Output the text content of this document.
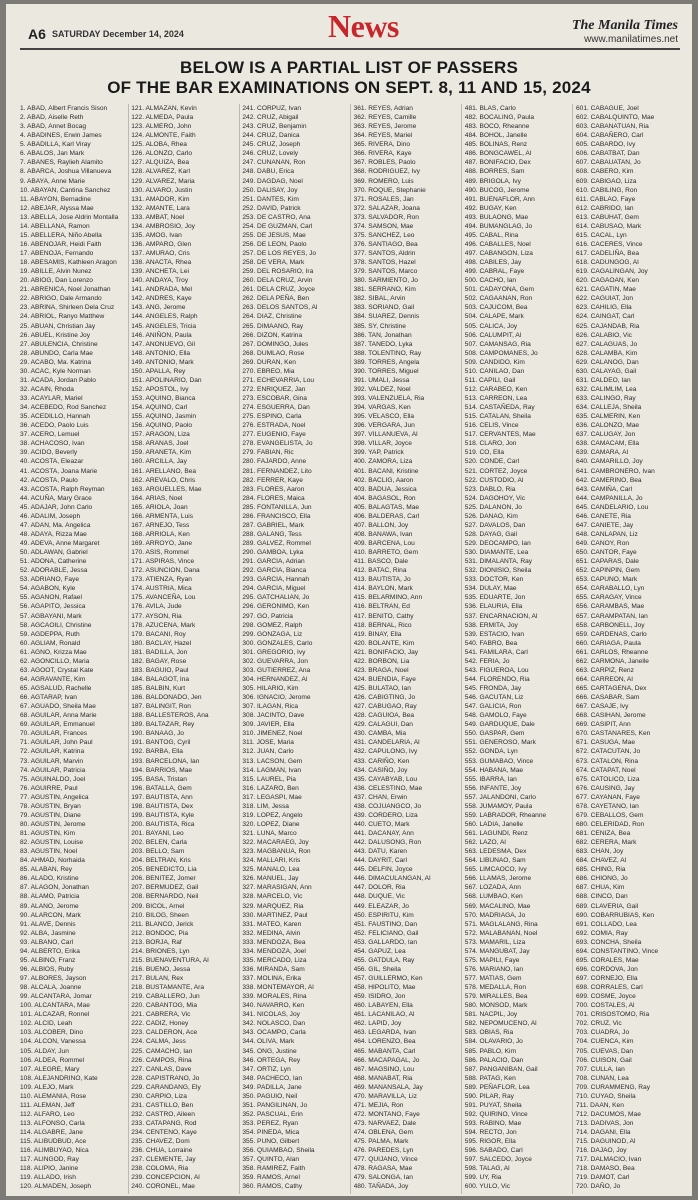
A6 SATURDAY December 14, 2024	News	The Manila Times
www.manilatimes.net
BELOW IS A PARTIAL LIST OF PASSERS
OF THE BAR EXAMINATIONS ON SEPT. 8, 11 AND 15, 2024
1. ABAD, Albert Francis Sison
2. ABAD, Aiselle Reth
3. ABAD, Annet Bocag
4. ABADINES, Erwin James
5. ABADILLA, Karl Viray
6. ABALOS, Jan Mark
7. ABANES, Raylieh Alamito
8. ABARCA, Joshua Villanueva
9. ABAYA, Anne Marie
10. ABAYAN, Cantina Sanchez
11. ABAYON, Bernadine
12. ABEJAR, Alyssa Mae
13. ABELLA, Jose Aldrin Montalla
14. ABELLANA, Ramon
15. ABELLERA, Niño Abella
16. ABENOJAR, Heidi Faith
17. ABENOJA, Fernando
18. ABESAMIS, Kathleen Aragon
19. ABILLE, Alvin Nunez
20. ABIOG, Dan Lorenzo
21. ABRENICA, Noel Jonathan
22. ABRIGO, Dale Armando
23. ABRINA, Shirleen Dela Cruz
24. ABRIOL, Ranyo Matthew
25. ABUAN, Christian Jay
26. ABUEL, Kristine Joy
27. ABULENCIA, Christine
28. ABUNDO, Carla Mae
29. ACABO, Ma. Katrina
30. ACAC, Kyle Norman
31. ACADA, Jordan Pablo
32. ACAIN, Rhoda
33. ACAYLAR, Mariel
34. ACEBEDO, Rod Sanchez
35. ACEDILLO, Hannah
36. ACEDO, Paolo Luis
37. ACERO, Lemuel
38. ACHACOSO, Ivan
39. ACIDO, Beverly
40. ACOSTA, Eleazar
41. ACOSTA, Joana Marie
42. ACOSTA, Paulo
43. ACOSTA, Ralph Reyman
44. ACUÑA, Mary Grace
45. ADAJAR, John Carlo
46. ADALIM, Joseph
47. ADAN, Ma. Angelica
48. ADAYA, Rizza Mae
49. ADEVA, Anne Margaret
50. ADLAWAN, Gabriel
51. ADONA, Catherine
52. ADORABLE, Jessa
53. ADRIANO, Faye
54. AGABON, Kyle
55. AGANON, Rafael
56. AGAPITO, Jessica
57. AGBAYANI, Mark
58. AGCAOILI, Christine
59. AGDEPPA, Ruth
60. AGLIAM, Ronald
61. AGNO, Krizza Mae
62. AGONCILLO, Maria
63. AGOOT, Crystal Kate
64. AGRAVANTE, Kim
65. AGSALUD, Rachelle
66. AGTARAP, Ivan
67. AGUADO, Sheila Mae
68. AGUILAR, Anna Marie
69. AGUILAR, Emmanuel
70. AGUILAR, Frances
71. AGUILAR, John Paul
72. AGUILAR, Katrina
73. AGUILAR, Marvin
74. AGUILAR, Patricia
75. AGUINALDO, Joel
76. AGUIRRE, Paul
77. AGUSTIN, Angelica
78. AGUSTIN, Bryan
79. AGUSTIN, Diane
80. AGUSTIN, Jerome
81. AGUSTIN, Kim
82. AGUSTIN, Louise
83. AGUSTIN, Noel
84. AHMAD, Norhaida
85. ALABAN, Rey
86. ALADO, Kristine
87. ALAGON, Jonathan
88. ALAMO, Patricia
89. ALANO, Jerome
90. ALARCON, Mark
91. ALAVE, Dennis
92. ALBA, Jasmine
93. ALBANO, Carl
94. ALBERTO, Erika
95. ALBINO, Franz
96. ALBIOS, Ruby
97. ALBORES, Jayson
98. ALCALA, Joanne
99. ALCANTARA, Jomar
100. ALCANTARA, Mae
101. ALCAZAR, Ronnel
102. ALCID, Leah
103. ALCOBER, Dino
104. ALCON, Vanessa
105. ALDAY, Jun
106. ALDEA, Rommel
107. ALEGRE, Mary
108. ALEJANDRINO, Kate
109. ALEJO, Mark
110. ALEMANIA, Rose
111. ALEMAN, Jeff
112. ALFARO, Leo
113. ALFONSO, Carla
114. ALGABRE, Jane
115. ALIBUDBUD, Ace
116. ALIMBUYAO, Nica
117. ALINGOD, Ray
118. ALIPIO, Janine
119. ALLADO, Irish
120. ALMADEN, Joseph
121. ALMAZAN, Kevin
122. ALMEDA, Paula
123. ALMERO, John
124. ALMONTE, Faith
125. ALOBA, Rhea
126. ALONZO, Carlo
127. ALQUIZA, Bea
128. ALVAREZ, Karl
129. ALVAREZ, Maria
130. ALVARO, Justin
131. AMADOR, Kim
132. AMANTE, Lara
133. AMBAT, Noel
134. AMBROSIO, Joy
135. AMOG, Ivan
136. AMPARO, Glen
137. AMURAO, Cris
138. ANACTA, Rhea
139. ANCHETA, Lei
140. ANDAYA, Troy
141. ANDRADA, Mel
142. ANDRES, Kaye
143. ANG, Jerome
144. ANGELES, Ralph
145. ANGELES, Tricia
146. ANIÑON, Paula
147. ANONUEVO, Gil
148. ANTONIO, Ella
149. ANTONIO, Mark
150. APALLA, Rey
151. APOLINARIO, Dan
152. APOSTOL, Ivy
153. AQUINO, Bianca
154. AQUINO, Carl
155. AQUINO, Jasmin
156. AQUINO, Paolo
157. ARAGON, Liza
158. ARANAS, Joel
159. ARANETA, Kim
160. ARCILLA, Jay
161. ARELLANO, Bea
162. AREVALO, Chris
163. ARGUELLES, Mae
164. ARIAS, Noel
165. ARIOLA, Joan
166. ARMENTA, Luis
167. ARNEJO, Tess
168. ARRIOLA, Ken
169. ARROYO, Jane
170. ASIS, Rommel
171. ASPIRAS, Vince
172. ASUNCION, Dana
173. ATIENZA, Ryan
174. AUSTRIA, Mica
175. AVANCEÑA, Lou
176. AVILA, Jude
177. AYSON, Ria
178. AZUCENA, Mark
179. BACANI, Roy
180. BACLAY, Hazel
181. BADILLA, Jon
182. BAGAY, Rose
183. BAGUIO, Paul
184. BALAGOT, Ina
185. BALBIN, Kurt
186. BALDONADO, Jen
187. BALINGIT, Ron
188. BALLESTEROS, Ana
189. BALTAZAR, Rey
190. BANAAG, Jo
191. BANTOG, Cyril
192. BARBA, Ella
193. BARCELONA, Ian
194. BARRIOS, Mae
195. BASA, Tristan
196. BATALLA, Gem
197. BAUTISTA, Ann
198. BAUTISTA, Dex
199. BAUTISTA, Kyle
200. BAUTISTA, Rica
201. BAYANI, Leo
202. BELEN, Carla
203. BELLO, Sam
204. BELTRAN, Kris
205. BENEDICTO, Lia
206. BENITEZ, Jomer
207. BERMUDEZ, Gail
208. BERNARDO, Neil
209. BICOL, Arnel
210. BILOG, Sheen
211. BLANCO, Jerick
212. BONDOC, Pia
213. BORJA, Raf
214. BRIONES, Lyn
215. BUENAVENTURA, Al
216. BUENO, Jessa
217. BULAN, Rex
218. BUSTAMANTE, Ara
219. CABALLERO, Jun
220. CABANTOG, Mia
221. CABRERA, Vic
222. CADIZ, Honey
223. CALDERON, Ace
224. CALMA, Jess
225. CAMACHO, Ian
226. CAMPOS, Rina
227. CANLAS, Dave
228. CAPISTRANO, Jo
229. CARANDANG, Ely
230. CARPIO, Liza
231. CASTILLO, Ben
232. CASTRO, Aileen
233. CATAPANG, Rod
234. CENTENO, Kaye
235. CHAVEZ, Dom
236. CHUA, Lorraine
237. CLEMENTE, Jay
238. COLOMA, Ria
239. CONCEPCION, Al
240. CORONEL, Mae
241. CORPUZ, Ivan
242. CRUZ, Abigail
243. CRUZ, Benjamin
244. CRUZ, Danica
245. CRUZ, Joseph
246. CRUZ, Lovely
247. CUNANAN, Ron
248. DABU, Erica
249. DAGDAG, Noel
250. DALISAY, Joy
251. DANTES, Kim
252. DAVID, Patrick
253. DE CASTRO, Ana
254. DE GUZMAN, Carl
255. DE JESUS, Mae
256. DE LEON, Paolo
257. DE LOS REYES, Jo
258. DE VERA, Mark
259. DEL ROSARIO, Ira
260. DELA CRUZ, Arvin
261. DELA CRUZ, Joyce
262. DELA PEÑA, Ben
263. DELOS SANTOS, Al
264. DIAZ, Christine
265. DIMAANO, Ray
266. DIZON, Katrina
267. DOMINGO, Jules
268. DUMLAO, Rose
269. DURAN, Ken
270. EBREO, Mia
271. ECHEVARRIA, Lou
272. ENRIQUEZ, Jan
273. ESCOBAR, Gina
274. ESGUERRA, Dan
275. ESPINO, Carla
276. ESTRADA, Noel
277. EUGENIO, Faye
278. EVANGELISTA, Jo
279. FABIAN, Ric
280. FAJARDO, Anne
281. FERNANDEZ, Lito
282. FERRER, Kaye
283. FLORES, Aaron
284. FLORES, Maica
285. FONTANILLA, Jun
286. FRANCISCO, Ella
287. GABRIEL, Mark
288. GALANG, Tess
289. GALVEZ, Rommel
290. GAMBOA, Lyka
291. GARCIA, Adrian
292. GARCIA, Bianca
293. GARCIA, Hannah
294. GARCIA, Miguel
295. GATCHALIAN, Jo
296. GERONIMO, Ken
297. GO, Patricia
298. GOMEZ, Ralph
299. GONZAGA, Liz
300. GONZALES, Carlo
301. GREGORIO, Ivy
302. GUEVARRA, Jon
303. GUTIERREZ, Ana
304. HERNANDEZ, Al
305. HILARIO, Kim
306. IGNACIO, Jerome
307. ILAGAN, Rica
308. JACINTO, Dave
309. JAVIER, Ella
310. JIMENEZ, Noel
311. JOSE, Maria
312. JUAN, Carlo
313. LACSON, Gem
314. LAGMAN, Ivan
315. LAUREL, Pia
316. LAZARO, Ben
317. LEGASPI, Mae
318. LIM, Jessa
319. LOPEZ, Angelo
320. LOPEZ, Diane
321. LUNA, Marco
322. MACARAEG, Joy
323. MAGBANUA, Ron
324. MALLARI, Kris
325. MANALO, Lea
326. MANUEL, Jay
327. MARASIGAN, Ann
328. MARCELO, Vic
329. MARQUEZ, Ria
330. MARTINEZ, Paul
331. MATEO, Karen
332. MEDINA, Alvin
333. MENDOZA, Bea
334. MENDOZA, Joel
335. MERCADO, Liza
336. MIRANDA, Sam
337. MOLINA, Erika
338. MONTEMAYOR, Al
339. MORALES, Rina
340. NAVARRO, Ken
341. NICOLAS, Joy
342. NOLASCO, Dan
343. OCAMPO, Carla
344. OLIVA, Mark
345. ONG, Justine
346. ORTEGA, Rey
347. ORTIZ, Lyn
348. PACHECO, Ian
349. PADILLA, Jane
350. PAGUIO, Neil
351. PANGILINAN, Jo
352. PASCUAL, Erin
353. PEREZ, Ryan
354. PINEDA, Mica
355. PUNO, Gilbert
356. QUIAMBAO, Sheila
357. QUINTO, Alan
358. RAMIREZ, Faith
359. RAMOS, Arnel
360. RAMOS, Cathy
361. REYES, Adrian
362. REYES, Camille
363. REYES, Jerome
364. REYES, Mariel
365. RIVERA, Dino
366. RIVERA, Kaye
367. ROBLES, Paolo
368. RODRIGUEZ, Ivy
369. ROMERO, Luis
370. ROQUE, Stephanie
371. ROSALES, Jan
372. SALAZAR, Joana
373. SALVADOR, Ron
374. SAMSON, Mae
375. SANCHEZ, Leo
376. SANTIAGO, Bea
377. SANTOS, Aldrin
378. SANTOS, Hazel
379. SANTOS, Marco
380. SARMIENTO, Jo
381. SERRANO, Kim
382. SIBAL, Arvin
383. SORIANO, Gail
384. SUAREZ, Dennis
385. SY, Christine
386. TAN, Jonathan
387. TANEDO, Lyka
388. TOLENTINO, Ray
389. TORRES, Angela
390. TORRES, Miguel
391. UMALI, Jessa
392. VALDEZ, Noel
393. VALENZUELA, Ria
394. VARGAS, Ken
395. VELASCO, Ella
396. VERGARA, Jun
397. VILLANUEVA, Al
398. VILLAR, Joyce
399. YAP, Patrick
400. ZAMORA, Liza
401. BACANI, Kristine
402. BACLIG, Aaron
403. BADUA, Jessica
404. BAGASOL, Ron
405. BALAGTAS, Mae
406. BALDERAS, Carl
407. BALLON, Joy
408. BANAWA, Ivan
409. BARCENA, Lou
410. BARRETO, Gem
411. BASCO, Dale
412. BATAC, Rina
413. BAUTISTA, Jo
414. BAYLON, Mark
415. BELARMINO, Ann
416. BELTRAN, Ed
417. BENITO, Cathy
418. BERNAL, Rico
419. BINAY, Ella
420. BOLANTE, Kim
421. BONIFACIO, Jay
422. BORBON, Lia
423. BRAGA, Noel
424. BUENDIA, Faye
425. BULATAO, Ian
426. CABIGTING, Jo
427. CABUGAO, Ray
428. CAGUIOA, Bea
429. CALAGUI, Dan
430. CAMBA, Mia
431. CANDELARIA, Al
432. CAPULONG, Ivy
433. CARIÑO, Ken
434. CASIÑO, Joy
435. CAYABYAB, Lou
436. CELESTINO, Mae
437. CHAN, Erwin
438. COJUANGCO, Jo
439. CORDERO, Liza
440. CUETO, Mark
441. DACANAY, Ann
442. DALUSONG, Ron
443. DATU, Karen
444. DAYRIT, Carl
445. DELFIN, Joyce
446. DIMACULANGAN, Al
447. DOLOR, Ria
448. DUQUE, Vic
449. ELEAZAR, Jo
450. ESPIRITU, Kim
451. FAUSTINO, Dan
452. FELICIANO, Gail
453. GALLARDO, Ian
454. GAPUZ, Lea
455. GATDULA, Ray
456. GIL, Sheila
457. GUILLERMO, Ken
458. HIPOLITO, Mae
459. ISIDRO, Jon
460. LABAYEN, Ella
461. LACANILAO, Al
462. LAPID, Joy
463. LEGARDA, Ivan
464. LORENZO, Bea
465. MABANTA, Carl
466. MACAPAGAL, Jo
467. MAGSINO, Lou
468. MANABAT, Ria
469. MANANSALA, Jay
470. MARAVILLA, Liz
471. MEJIA, Ron
472. MONTANO, Faye
473. NARVAEZ, Dale
474. OBLENA, Gem
475. PALMA, Mark
476. PAREDES, Lyn
477. QUIJANO, Vince
478. RAGASA, Mae
479. SALONGA, Ian
480. TAÑADA, Joy
481. BLAS, Carlo
482. BOCALING, Paula
483. BOCO, Rheanne
484. BOHOL, Janelle
485. BOLINAS, Renz
486. BONGCAWEL, Al
487. BONIFACIO, Dex
488. BORRES, Sam
489. BRIGOLA, Ivy
490. BUCOG, Jerome
491. BUENAFLOR, Ann
492. BUGAY, Ken
493. BULAONG, Mae
494. BUMANGLAG, Jo
495. CABAL, Rina
496. CABALLES, Noel
497. CABANGON, Liza
498. CABILES, Jay
499. CABRAL, Faye
500. CACHO, Ian
501. CADAYONA, Gem
502. CAGAANAN, Ron
503. CAJUCOM, Bea
504. CALAPE, Mark
505. CALICA, Joy
506. CALUMPIT, Al
507. CAMANSAG, Ria
508. CAMPOMANES, Jo
509. CANDIDO, Kim
510. CANILAO, Dan
511. CAPILI, Gail
512. CARABEO, Ken
513. CARREON, Lea
514. CASTAÑEDA, Ray
515. CATALAN, Sheila
516. CELIS, Vince
517. CERVANTES, Mae
518. CLARO, Jon
519. CO, Ella
520. CONDE, Carl
521. CORTEZ, Joyce
522. CUSTODIO, Al
523. DABLO, Ria
524. DAGOHOY, Vic
525. DALANON, Jo
526. DANAO, Kim
527. DAVALOS, Dan
528. DAYAG, Gail
529. DEOCAMPO, Ian
530. DIAMANTE, Lea
531. DIMALANTA, Ray
532. DIONISIO, Sheila
533. DOCTOR, Ken
534. DULAY, Mae
535. EDUARTE, Jon
536. ELAURIA, Ella
537. ENCARNACION, Al
538. ERMITA, Joy
539. ESTACIO, Ivan
540. FABRO, Bea
541. FAMILARA, Carl
542. FERIA, Jo
543. FIGUEROA, Lou
544. FLORENDO, Ria
545. FRONDA, Jay
546. GACUTAN, Liz
547. GALICIA, Ron
548. GAMOLO, Faye
549. GARDUQUE, Dale
550. GASPAR, Gem
551. GENEROSO, Mark
552. GONDA, Lyn
553. GUMABAO, Vince
554. HABANA, Mae
555. IBARRA, Ian
556. INFANTE, Joy
557. JALANDONI, Carlo
558. JUMAMOY, Paula
559. LABRADOR, Rheanne
560. LADIA, Janelle
561. LAGUNDI, Renz
562. LAZO, Al
563. LEDESMA, Dex
564. LIBUNAO, Sam
565. LIMCAOCO, Ivy
566. LLAMAS, Jerome
567. LOZADA, Ann
568. LUMBAO, Ken
569. MACALINO, Mae
570. MADRIAGA, Jo
571. MAGLALANG, Rina
572. MALABANAN, Noel
573. MAMARIL, Liza
574. MANGUBAT, Jay
575. MAPILI, Faye
576. MARIANO, Ian
577. MATIAS, Gem
578. MEDALLA, Ron
579. MIRALLES, Bea
580. MONSOD, Mark
581. NACPIL, Joy
582. NEPOMUCENO, Al
583. OBIAS, Ria
584. OLAVARIO, Jo
585. PABLO, Kim
586. PALACIO, Dan
587. PANGANIBAN, Gail
588. PATAG, Ken
589. PEÑAFLOR, Lea
590. PILAR, Ray
591. PUYAT, Sheila
592. QUIRINO, Vince
593. RABINO, Mae
594. RECTO, Jon
595. RIGOR, Ella
596. SABADO, Carl
597. SALCEDO, Joyce
598. TALAG, Al
599. UY, Ria
600. YULO, Vic
601. CABAGUE, Joel
602. CABALQUINTO, Mae
603. CABANATUAN, Ria
604. CABAÑERO, Carl
605. CABARDO, Ivy
606. CABATBAT, Dan
607. CABAUATAN, Jo
608. CABERO, Kim
609. CABIGAO, Liza
610. CABILING, Ron
611. CABLAO, Faye
612. CABRIDO, Ian
613. CABUHAT, Gem
614. CABUSAO, Mark
615. CACAL, Lyn
616. CACERES, Vince
617. CADELIÑA, Bea
618. CADUNGOG, Al
619. CAGALINGAN, Joy
620. CAGAOAN, Ken
621. CAGATIN, Mae
622. CAGUIAT, Jon
623. CAHILIG, Ella
624. CAINGAT, Carl
625. CAJANDAB, Ria
626. CALABIO, Vic
627. CALAGUAS, Jo
628. CALAMBA, Kim
629. CALANOG, Dan
630. CALAYAG, Gail
631. CALDEO, Ian
632. CALIMLIM, Lea
633. CALINGO, Ray
634. CALLEJA, Sheila
635. CALMERIN, Ken
636. CALONZO, Mae
637. CALUGAY, Jon
638. CAMACAM, Ella
639. CAMARA, Al
640. CAMARILLO, Joy
641. CAMBRONERO, Ivan
642. CAMERINO, Bea
643. CAMIÑA, Carl
644. CAMPANILLA, Jo
645. CANDELARIO, Lou
646. CANETE, Ria
647. CANIETE, Jay
648. CANLAPAN, Liz
649. CANOY, Ron
650. CANTOR, Faye
651. CAPARAS, Dale
652. CAPINPIN, Gem
653. CAPUNO, Mark
654. CARABALLO, Lyn
655. CARAGAY, Vince
656. CARAMBAS, Mae
657. CARAMPATAN, Ian
658. CARBONELL, Joy
659. CARDENAS, Carlo
660. CARIAGA, Paula
661. CARLOS, Rheanne
662. CARMONA, Janelle
663. CARPIZ, Renz
664. CARREON, Al
665. CARTAGENA, Dex
666. CASABAR, Sam
667. CASAJE, Ivy
668. CASIHAN, Jerome
669. CASIPIT, Ann
670. CASTANARES, Ken
671. CASUGA, Mae
672. CATACUTAN, Jo
673. CATALON, Rina
674. CATAPAT, Noel
675. CATOLICO, Liza
676. CAUSING, Jay
677. CAYANAN, Faye
678. CAYETANO, Ian
679. CEBALLOS, Gem
680. CELERIDAD, Ron
681. CENIZA, Bea
682. CERERA, Mark
683. CHAN, Joy
684. CHAVEZ, Al
685. CHING, Ria
686. CHIONG, Jo
687. CHUA, Kim
688. CINCO, Dan
689. CLAVERIA, Gail
690. COBARRUBIAS, Ken
691. COLLADO, Lea
692. COMIA, Ray
693. CONCHA, Sheila
694. CONSTANTINO, Vince
695. CORALES, Mae
696. CORDOVA, Jon
697. CORNEJO, Ella
698. CORRALES, Carl
699. COSME, Joyce
700. COSTALES, Al
701. CRISOSTOMO, Ria
702. CRUZ, Vic
703. CUADRA, Jo
704. CUENCA, Kim
705. CUEVAS, Dan
706. CUISON, Gail
707. CULLA, Ian
708. CUNAN, Lea
709. CURAMMENG, Ray
710. CUYAO, Sheila
711. DAAN, Ken
712. DACUMOS, Mae
713. DADIVAS, Jon
714. DAGANI, Ella
715. DAGUINOD, Al
716. DAJAO, Joy
717. DALMACIO, Ivan
718. DAMASO, Bea
719. DAMOT, Carl
720. DAÑO, Jo
